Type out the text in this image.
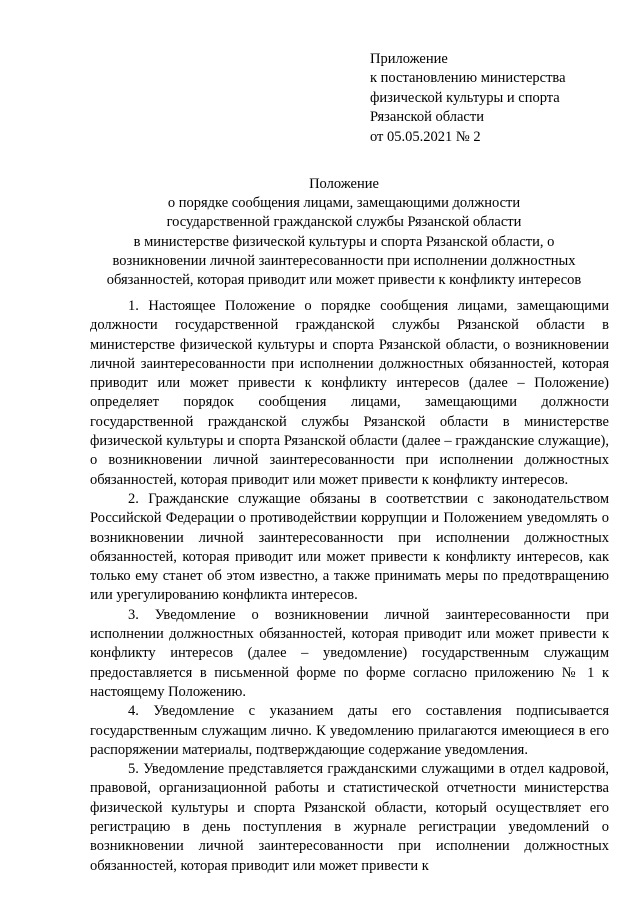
Приложение
к постановлению министерства
физической культуры и спорта
Рязанской области
от 05.05.2021 № 2
Положение
о порядке сообщения лицами, замещающими должности
государственной гражданской службы Рязанской области
в министерстве физической культуры и спорта Рязанской области, о
возникновении личной заинтересованности при исполнении должностных
обязанностей, которая приводит или может привести к конфликту интересов

1. Настоящее Положение о порядке сообщения лицами, замещающими должности государственной гражданской службы Рязанской области в министерстве физической культуры и спорта Рязанской области, о возникновении личной заинтересованности при исполнении должностных обязанностей, которая приводит или может привести к конфликту интересов (далее – Положение) определяет порядок сообщения лицами, замещающими должности государственной гражданской службы Рязанской области в министерстве физической культуры и спорта Рязанской области (далее – гражданские служащие), о возникновении личной заинтересованности при исполнении должностных обязанностей, которая приводит или может привести к конфликту интересов.

2. Гражданские служащие обязаны в соответствии с законодательством Российской Федерации о противодействии коррупции и Положением уведомлять о возникновении личной заинтересованности при исполнении должностных обязанностей, которая приводит или может привести к конфликту интересов, как только ему станет об этом известно, а также принимать меры по предотвращению или урегулированию конфликта интересов.

3. Уведомление о возникновении личной заинтересованности при исполнении должностных обязанностей, которая приводит или может привести к конфликту интересов (далее – уведомление) государственным служащим предоставляется в письменной форме по форме согласно приложению № 1 к настоящему Положению.

4. Уведомление с указанием даты его составления подписывается государственным служащим лично. К уведомлению прилагаются имеющиеся в его распоряжении материалы, подтверждающие содержание уведомления.

5. Уведомление представляется гражданскими служащими в отдел кадровой, правовой, организационной работы и статистической отчетности министерства физической культуры и спорта Рязанской области, который осуществляет его регистрацию в день поступления в журнале регистрации уведомлений о возникновении личной заинтересованности при исполнении должностных обязанностей, которая приводит или может привести к
